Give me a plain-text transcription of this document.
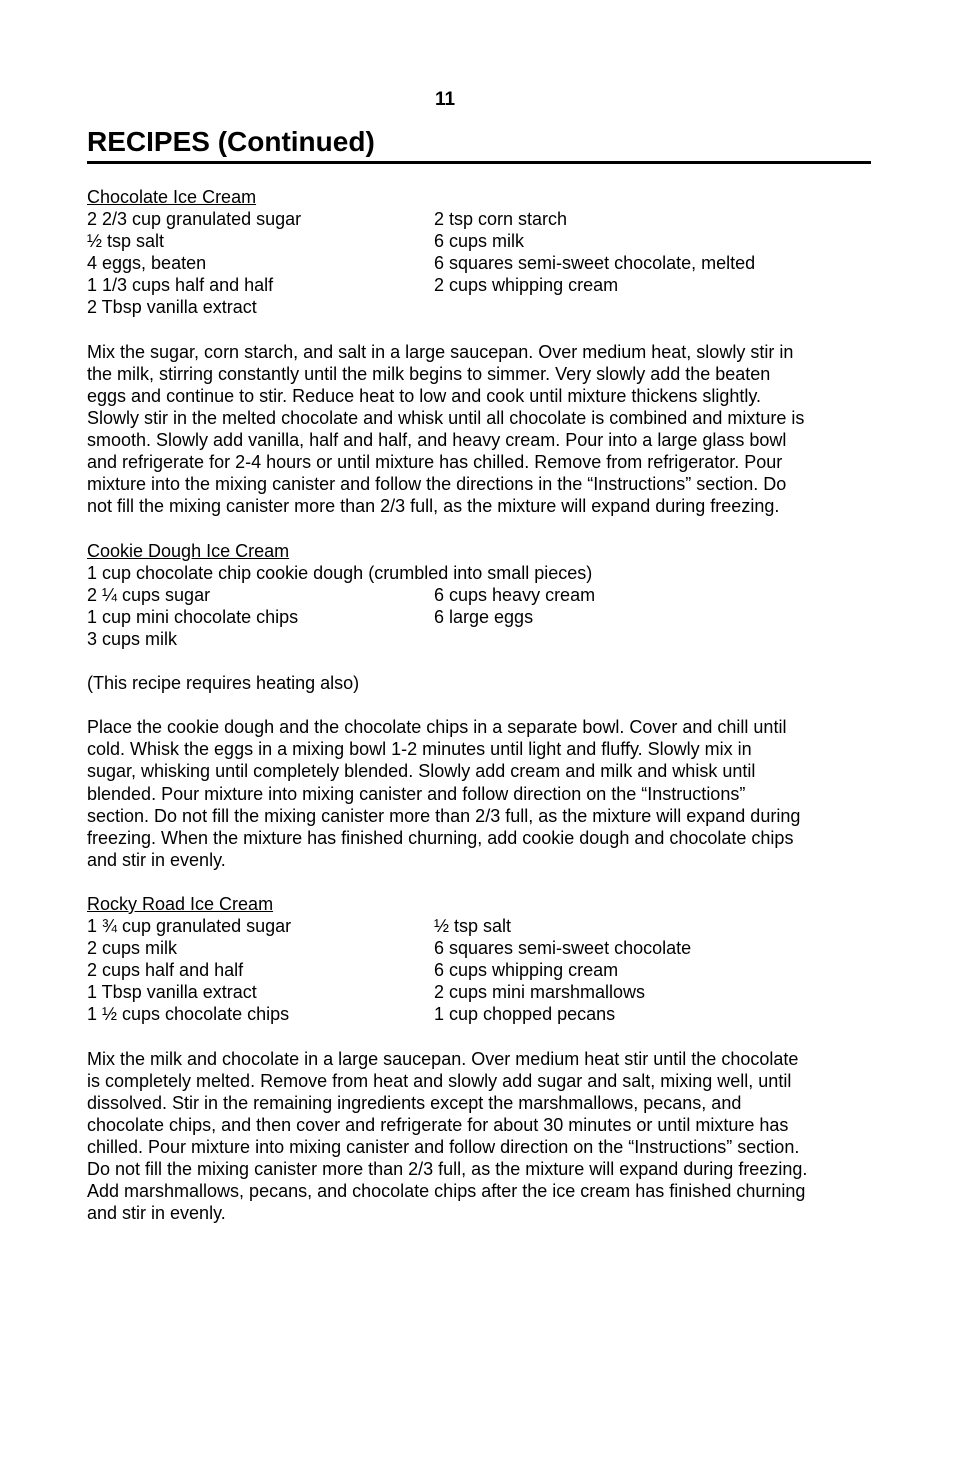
11
RECIPES (Continued)
Chocolate Ice Cream
2 2/3 cup granulated sugar	2 tsp corn starch
½ tsp salt	6 cups milk
4 eggs, beaten	6 squares semi-sweet chocolate, melted
1 1/3 cups half and half	2 cups whipping cream
2 Tbsp vanilla extract
Mix the sugar, corn starch, and salt in a large saucepan. Over medium heat, slowly stir in
the milk, stirring constantly until the milk begins to simmer. Very slowly add the beaten
eggs and continue to stir. Reduce heat to low and cook until mixture thickens slightly.
Slowly stir in the melted chocolate and whisk until all chocolate is combined and mixture is
smooth. Slowly add vanilla, half and half, and heavy cream. Pour into a large glass bowl
and refrigerate for 2-4 hours or until mixture has chilled. Remove from refrigerator. Pour
mixture into the mixing canister and follow the directions in the “Instructions” section. Do
not fill the mixing canister more than 2/3 full, as the mixture will expand during freezing.
Cookie Dough Ice Cream
1 cup chocolate chip cookie dough (crumbled into small pieces)
2 ¼ cups sugar	6 cups heavy cream
1 cup mini chocolate chips	6 large eggs
3 cups milk
(This recipe requires heating also)
Place the cookie dough and the chocolate chips in a separate bowl. Cover and chill until
cold. Whisk the eggs in a mixing bowl 1-2 minutes until light and fluffy. Slowly mix in
sugar, whisking until completely blended. Slowly add cream and milk and whisk until
blended. Pour mixture into mixing canister and follow direction on the “Instructions”
section. Do not fill the mixing canister more than 2/3 full, as the mixture will expand during
freezing. When the mixture has finished churning, add cookie dough and chocolate chips
and stir in evenly.
Rocky Road Ice Cream
1 ¾ cup granulated sugar	½ tsp salt
2 cups milk	6 squares semi-sweet chocolate
2 cups half and half	6 cups whipping cream
1 Tbsp vanilla extract	2 cups mini marshmallows
1 ½ cups chocolate chips	1 cup chopped pecans
Mix the milk and chocolate in a large saucepan. Over medium heat stir until the chocolate
is completely melted. Remove from heat and slowly add sugar and salt, mixing well, until
dissolved. Stir in the remaining ingredients except the marshmallows, pecans, and
chocolate chips, and then cover and refrigerate for about 30 minutes or until mixture has
chilled. Pour mixture into mixing canister and follow direction on the “Instructions” section.
Do not fill the mixing canister more than 2/3 full, as the mixture will expand during freezing.
Add marshmallows, pecans, and chocolate chips after the ice cream has finished churning
and stir in evenly.
